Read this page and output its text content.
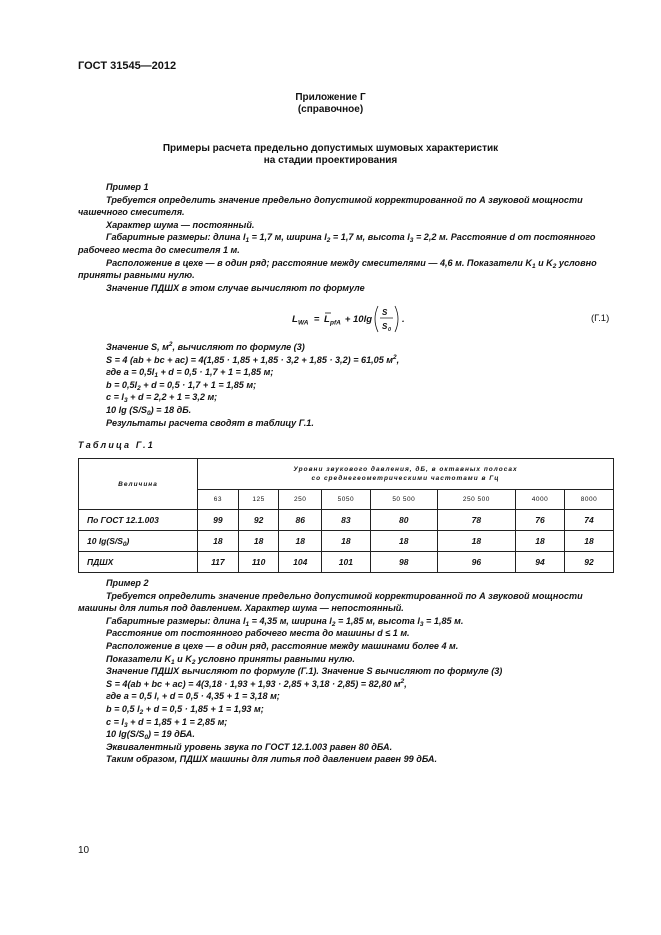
ГОСТ 31545—2012
Приложение Г
(справочное)
Примеры расчета предельно допустимых шумовых характеристик
на стадии проектирования

Пример 1

Требуется определить значение предельно допустимой корректированной по А звуковой мощности чашечного смесителя.

Характер шума — постоянный.

Габаритные размеры: длина $l_1 = 1,7$ м, ширина $l_2 = 1,7$ м, высота $l_3 = 2,2$ м. Расстояние d от постоянного рабочего места до смесителя 1 м.

Расположение в цехе — в один ряд; расстояние между смесителями — 4,6 м. Показатели $K_1$ и $K_2$ условно приняты равными нулю.

Значение ПДШХ в этом случае вычисляют по формуле

L WA = L pfA + 10lg
S
S 0
.	(Г.1)

Значение S, $м^2$, вычисляют по формуле (3)

S = 4 (ab + bc + ac) = 4(1,85 · 1,85 + 1,85 · 3,2 + 1,85 · 3,2) = 61,05 $м^2$,

где $a = 0,5l_1 + d = 0,5 \cdot 1,7 + 1 = 1,85$ м;

$b = 0,5l_2 + d = 0,5 \cdot 1,7 + 1 = 1,85$ м;

$c = l_3 + d = 2,2 + 1 = 3,2$ м;

10 $\lg (S/S_0) = 18$ дБ.

Результаты расчета сводят в таблицу Г.1.

Таблица Г.1
Величина	Уровни звукового давления, дБ, в октавных полосах
со среднегеометрическими частотами в Гц							

	63	125	250	5050	50 500	250 500	4000	8000
По ГОСТ 12.1.003	99	92	86	83	80	78	76	74
10 $\lg(S/S_0)$	18	18	18	18	18	18	18	18
ПДШХ	117	110	104	101	98	96	94	92

Пример 2

Требуется определить значение предельно допустимой корректированной по А звуковой мощности машины для литья под давлением. Характер шума — непостоянный.

Габаритные размеры: длина $l_1 = 4,35$ м, ширина $l_2 = 1,85$ м, высота $l_3 = 1,85$ м.

Расстояние от постоянного рабочего места до машины d ≤ 1 м.

Расположение в цехе — в один ряд, расстояние между машинами более 4 м.

Показатели $K_1$ и $K_2$ условно приняты равными нулю.

Значение ПДШХ вычисляют по формуле (Г.1). Значение S вычисляют по формуле (3)

S = 4(ab + bc + ac) = 4(3,18 · 1,93 + 1,93 · 2,85 + 3,18 · 2,85) = 82,80 $м^2$,

где a = 0,5 l, + d = 0,5 · 4,35 + 1 = 3,18 м;

b = 0,5 $l_2 + d = 0,5 \cdot 1,85 + 1 = 1,93$ м;

$c = l_3 + d = 1,85 + 1 = 2,85$ м;

10 $\lg(S/S_0) = 19$ дБА.

Эквивалентный уровень звука по ГОСТ 12.1.003 равен 80 дБА.

Таким образом, ПДШХ машины для литья под давлением равен 99 дБА.

10
